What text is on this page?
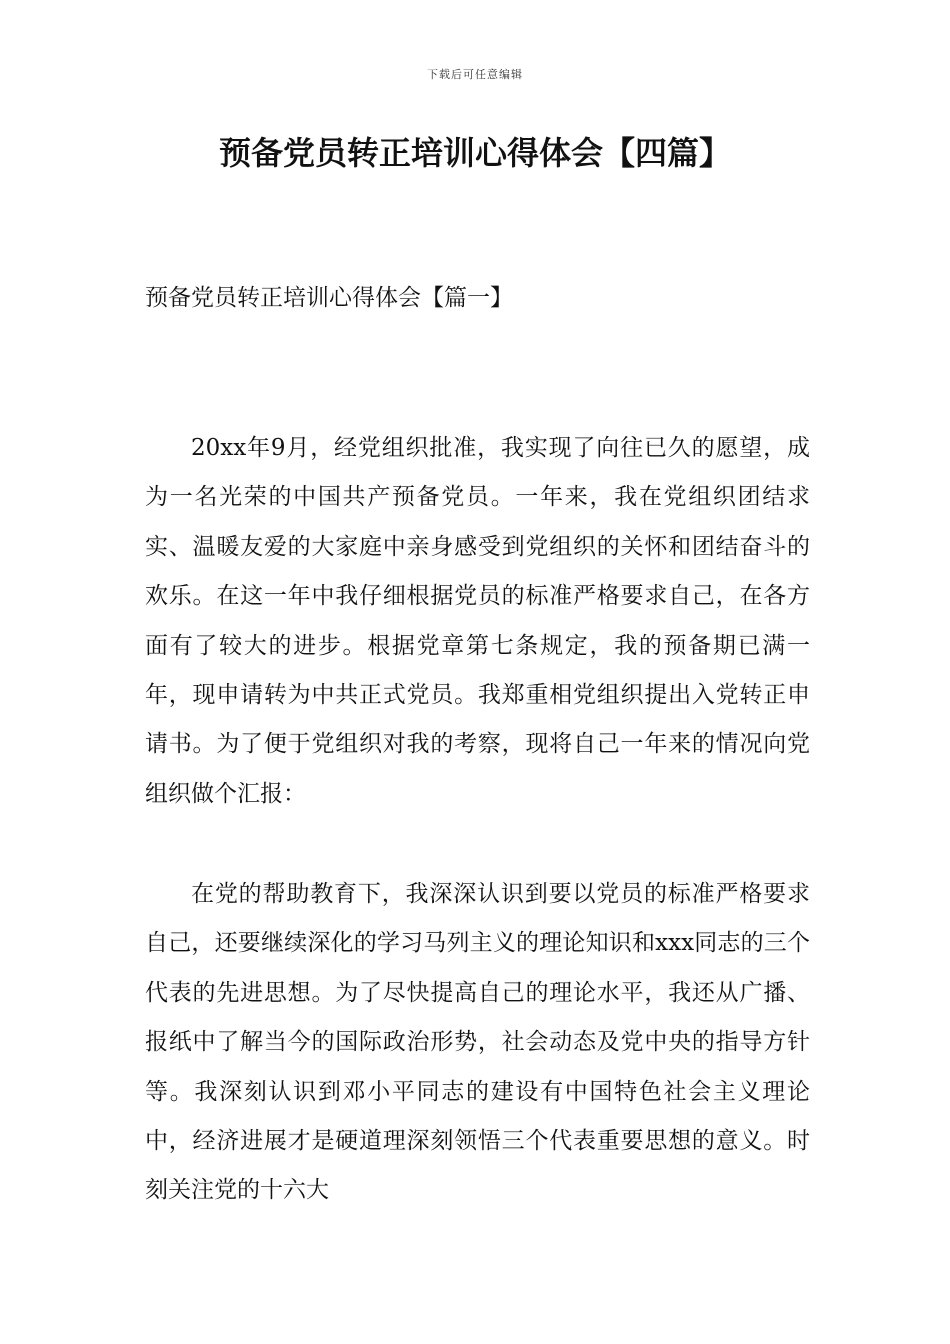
下载后可任意编辑
预备党员转正培训心得体会【四篇】
预备党员转正培训心得体会【篇一】

20xx年9月，经党组织批准，我实现了向往已久的愿望，成为一名光荣的中国共产预备党员。一年来，我在党组织团结求实、温暖友爱的大家庭中亲身感受到党组织的关怀和团结奋斗的欢乐。在这一年中我仔细根据党员的标准严格要求自己，在各方面有了较大的进步。根据党章第七条规定，我的预备期已满一年，现申请转为中共正式党员。我郑重相党组织提出入党转正申请书。为了便于党组织对我的考察，现将自己一年来的情况向党组织做个汇报：

在党的帮助教育下，我深深认识到要以党员的标准严格要求自己，还要继续深化的学习马列主义的理论知识和xxx同志的三个代表的先进思想。为了尽快提高自己的理论水平，我还从广播、报纸中了解当今的国际政治形势，社会动态及党中央的指导方针等。我深刻认识到邓小平同志的建设有中国特色社会主义理论中，经济进展才是硬道理深刻领悟三个代表重要思想的意义。时刻关注党的十六大
